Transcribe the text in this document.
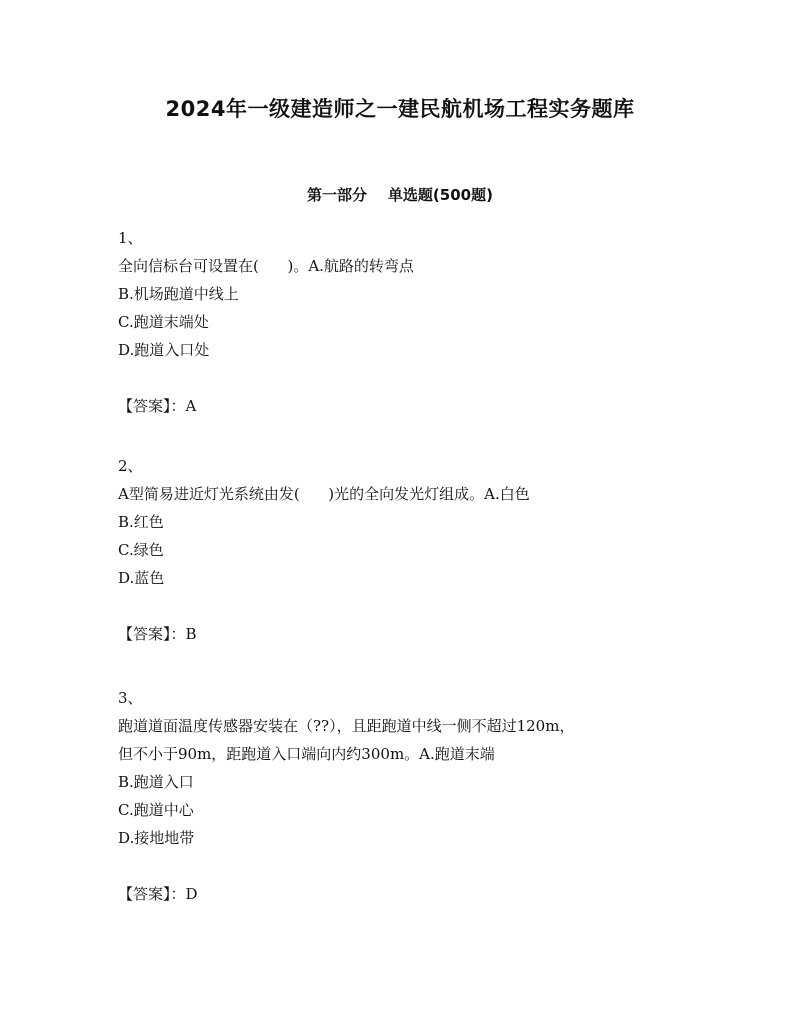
2024年一级建造师之一建民航机场工程实务题库
第一部分    单选题(500题)
1、
全向信标台可设置在(      )。A.航路的转弯点
B.机场跑道中线上
C.跑道末端处
D.跑道入口处
【答案】：A
2、
A型简易进近灯光系统由发(      )光的全向发光灯组成。A.白色
B.红色
C.绿色
D.蓝色
【答案】：B
3、
跑道道面温度传感器安装在（??），且距跑道中线一侧不超过120m，
但不小于90m，距跑道入口端向内约300m。A.跑道末端
B.跑道入口
C.跑道中心
D.接地地带
【答案】：D
